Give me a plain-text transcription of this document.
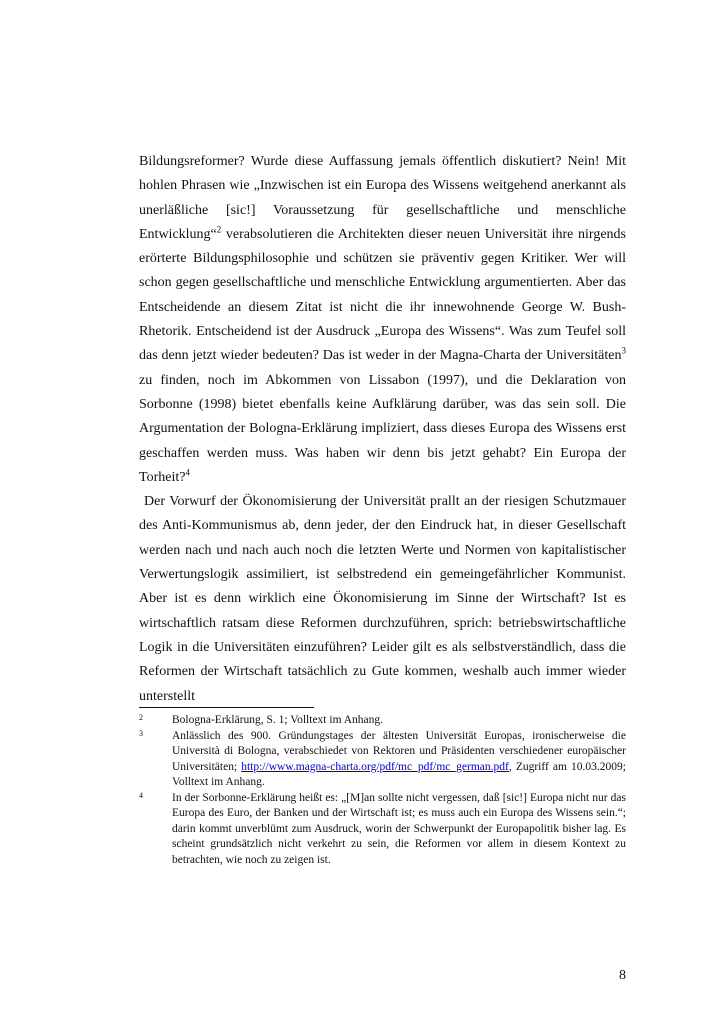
Bildungsreformer? Wurde diese Auffassung jemals öffentlich diskutiert? Nein! Mit hohlen Phrasen wie „Inzwischen ist ein Europa des Wissens weitgehend anerkannt als unerläßliche [sic!] Voraussetzung für gesellschaftliche und menschliche Entwicklung“$^2$ verabsolutieren die Architekten dieser neuen Universität ihre nirgends erörterte Bildungsphilosophie und schützen sie präventiv gegen Kritiker. Wer will schon gegen gesellschaftliche und menschliche Entwicklung argumentierten. Aber das Entscheidende an diesem Zitat ist nicht die ihr innewohnende George W. Bush-Rhetorik. Entscheidend ist der Ausdruck „Europa des Wissens“. Was zum Teufel soll das denn jetzt wieder bedeuten? Das ist weder in der Magna-Charta der Universitäten$^3$ zu finden, noch im Abkommen von Lissabon (1997), und die Deklaration von Sorbonne (1998) bietet ebenfalls keine Aufklärung darüber, was das sein soll. Die Argumentation der Bologna-Erklärung impliziert, dass dieses Europa des Wissens erst geschaffen werden muss. Was haben wir denn bis jetzt gehabt? Ein Europa der Torheit?$^4$

Der Vorwurf der Ökonomisierung der Universität prallt an der riesigen Schutzmauer des Anti-Kommunismus ab, denn jeder, der den Eindruck hat, in dieser Gesellschaft werden nach und nach auch noch die letzten Werte und Normen von kapitalistischer Verwertungslogik assimiliert, ist selbstredend ein gemeingefährlicher Kommunist. Aber ist es denn wirklich eine Ökonomisierung im Sinne der Wirtschaft? Ist es wirtschaftlich ratsam diese Reformen durchzuführen, sprich: betriebswirtschaftliche Logik in die Universitäten einzuführen? Leider gilt es als selbstverständlich, dass die Reformen der Wirtschaft tatsächlich zu Gute kommen, weshalb auch immer wieder unterstellt

2	Bologna-Erklärung, S. 1; Volltext im Anhang.
3	Anlässlich des 900. Gründungstages der ältesten Universität Europas, ironischerweise die Università di Bologna, verabschiedet von Rektoren und Präsidenten verschiedener europäischer Universitäten; http://www.magna-charta.org/pdf/mc_pdf/mc_german.pdf, Zugriff am 10.03.2009; Volltext im Anhang.
4	In der Sorbonne-Erklärung heißt es: „[M]an sollte nicht vergessen, daß [sic!] Europa nicht nur das Europa des Euro, der Banken und der Wirtschaft ist; es muss auch ein Europa des Wissens sein.“; darin kommt unverblümt zum Ausdruck, worin der Schwerpunkt der Europapolitik bisher lag. Es scheint grundsätzlich nicht verkehrt zu sein, die Reformen vor allem in diesem Kontext zu betrachten, wie noch zu zeigen ist.
8
